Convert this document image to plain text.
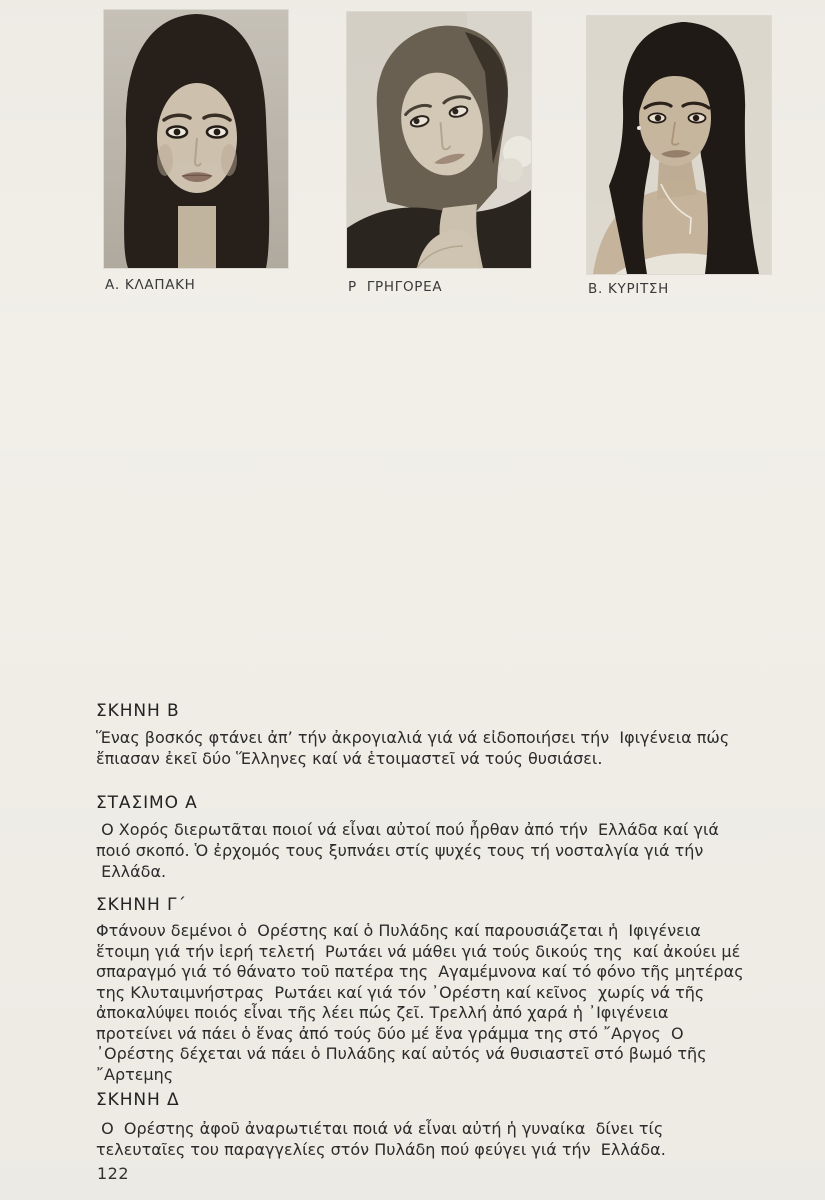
Α. ΚΛΑΠΑΚΗ	Ρ  ΓΡΗΓΟΡΕΑ	Β. ΚΥΡΙΤΣΗ
ΣΚΗΝΗ Β
Ἕνας βοσκός φτάνει ἀπ’ τήν ἀκρογιαλιά γιά νά εἰδοποιήσει τήν  Ιφιγένεια πώς
ἔπιασαν ἐκεῖ δύο Ἕλληνες καί νά ἑτοιμαστεῖ νά τούς θυσιάσει.
ΣΤΑΣΙΜΟ Α
Ο Χορός διερωτᾶται ποιοί νά εἶναι αὐτοί πού ἦρθαν ἀπό τήν  Ελλάδα καί γιά
ποιό σκοπό. Ὁ ἐρχομός τους ξυπνάει στίς ψυχές τους τή νοσταλγία γιά τήν
Ελλάδα.
ΣΚΗΝΗ Γ΄
Φτάνουν δεμένοι ὁ  Ορέστης καί ὁ Πυλάδης καί παρουσιάζεται ἡ  Ιφιγένεια
ἕτοιμη γιά τήν ἱερή τελετή  Ρωτάει νά μάθει γιά τούς δικούς της  καί ἀκούει μέ
σπαραγμό γιά τό θάνατο τοῦ πατέρα της  Αγαμέμνονα καί τό φόνο τῆς μητέρας
της Κλυταιμνήστρας  Ρωτάει καί γιά τόν ᾽Ορέστη καί κεῖνος  χωρίς νά τῆς
ἀποκαλύψει ποιός εἶναι τῆς λέει πώς ζεῖ. Τρελλή ἀπό χαρά ἡ ᾽Ιφιγένεια
προτείνει νά πάει ὁ ἕνας ἀπό τούς δύο μέ ἕνα γράμμα της στό ῎Αργος  Ο
᾽Ορέστης δέχεται νά πάει ὁ Πυλάδης καί αὐτός νά θυσιαστεῖ στό βωμό τῆς
῎Αρτεμης
ΣΚΗΝΗ Δ
Ο  Ορέστης ἀφοῦ ἀναρωτιέται ποιά νά εἶναι αὐτή ἡ γυναίκα  δίνει τίς
τελευταῖες του παραγγελίες στόν Πυλάδη πού φεύγει γιά τήν  Ελλάδα.
122
